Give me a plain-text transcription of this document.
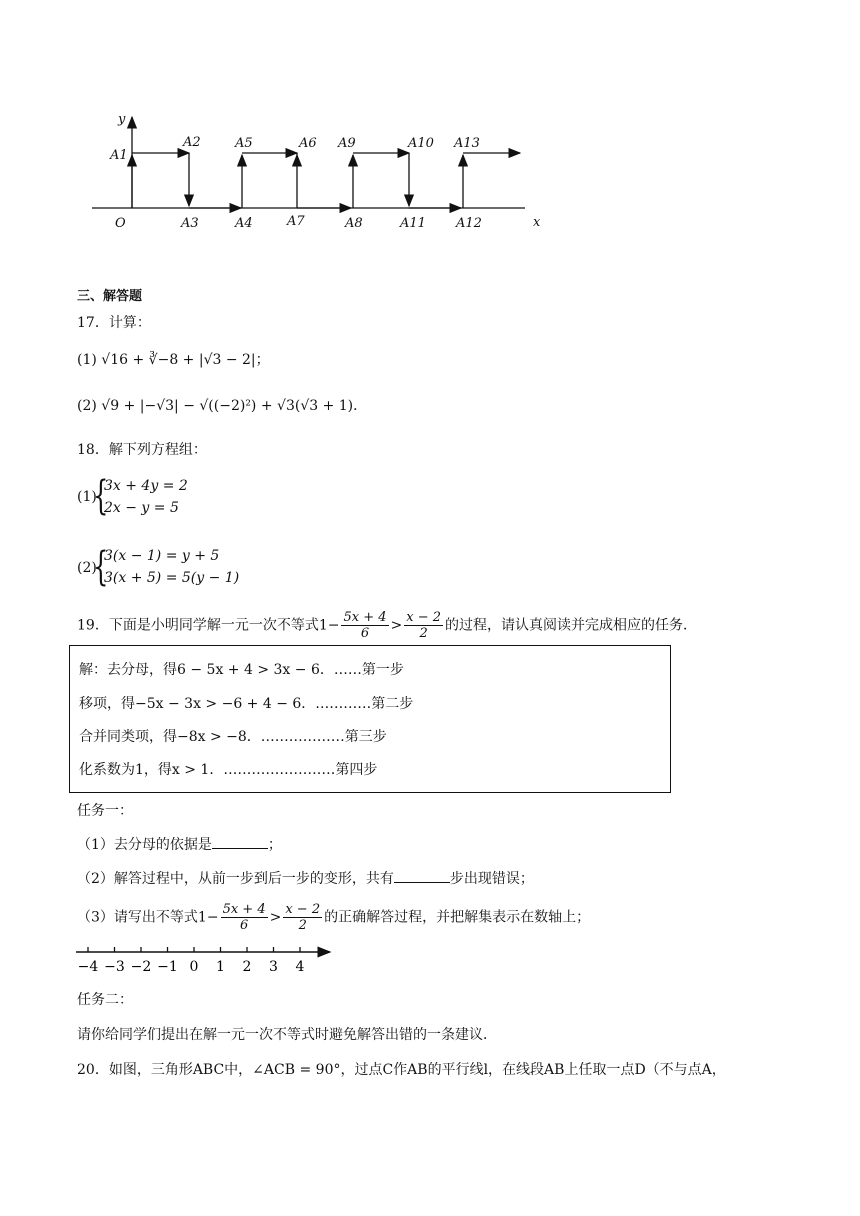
y
x
O
A1
A2
A3	A4
A5	A6
A7	A8
A9	A10
A11 A12
A13
三、解答题
17．计算：
(1) √16 + ∛−8 + |√3 − 2|；
(2) √9 + |−√3| − √((−2)²) + √3(√3 + 1)．
18．解下列方程组：
(1)
{
3x + 4y = 2
2x − y = 5
(2)
{
3(x − 1) = y + 5
3(x + 5) = 5(y − 1)
19．下面是小明同学解一元一次不等式$1- \frac{5x + 4}{6} > \frac{x - 2}{2}$ 的过程，请认真阅读并完成相应的任务．
解：去分母，得6 − 5x + 4 > 3x − 6．……第一步
移项，得−5x − 3x > −6 + 4 − 6．…………第二步
合并同类项，得−8x > −8．………………第三步
化系数为1，得x > 1．……………………第四步
任务一：
（1）去分母的依据是	；
（2）解答过程中，从前一步到后一步的变形，共有	步出现错误；
（3）请写出不等式$1- \frac{5x + 4}{6} > \frac{x - 2}{2}$ 的正确解答过程，并把解集表示在数轴上；
−4 −3 −2 −1 0 1 2 3 4
任务二：
请你给同学们提出在解一元一次不等式时避免解答出错的一条建议．
20．如图，三角形ABC中，∠ACB = 90°，过点C作AB的平行线l，在线段AB上任取一点D（不与点A，
